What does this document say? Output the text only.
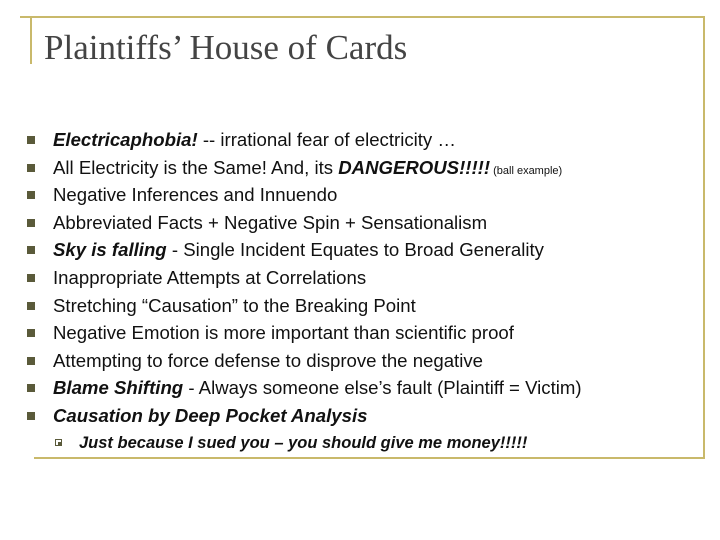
Plaintiffs’ House of Cards
Electricaphobia! -- irrational fear of electricity …
All Electricity is the Same! And, its DANGEROUS!!!!! (ball example)
Negative Inferences and Innuendo
Abbreviated Facts + Negative Spin + Sensationalism
Sky is falling - Single Incident Equates to Broad Generality
Inappropriate Attempts at Correlations
Stretching “Causation” to the Breaking Point
Negative Emotion is more important than scientific proof
Attempting to force defense to disprove the negative
Blame Shifting - Always someone else’s fault (Plaintiff = Victim)
Causation by Deep Pocket Analysis
Just because I sued you – you should give me money!!!!!
